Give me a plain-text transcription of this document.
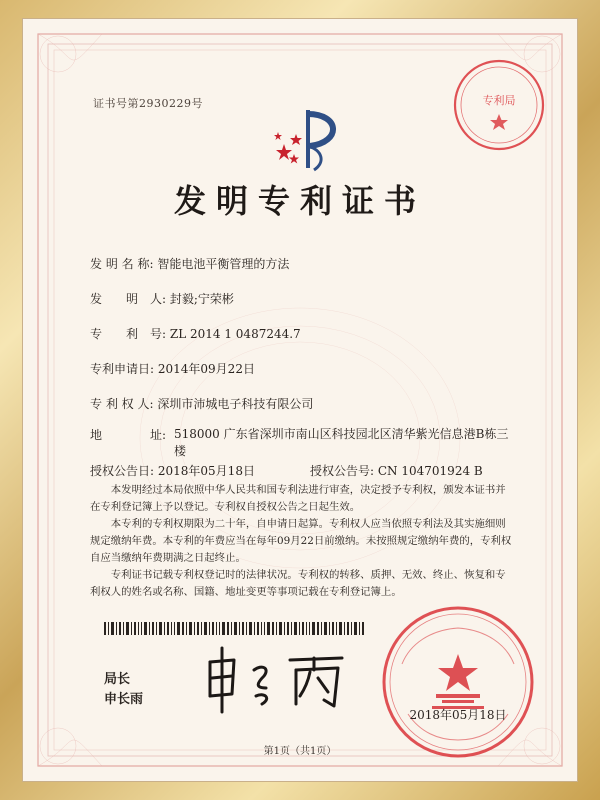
证书号第2930229号	专利局
发明专利证书
发 明 名 称: 智能电池平衡管理的方法
发　　明　人: 封毅;宁荣彬
专　　利　号: ZL 2014 1 0487244.7
专利申请日: 2014年09月22日
专 利 权 人: 深圳市沛城电子科技有限公司
地　　　　址: 518000 广东省深圳市南山区科技园北区清华紫光信息港B栋三楼
授权公告日: 2018年05月18日	授权公告号: CN 104701924 B

本发明经过本局依照中华人民共和国专利法进行审查，决定授予专利权，颁发本证书并在专利登记簿上予以登记。专利权自授权公告之日起生效。

本专利的专利权期限为二十年，自申请日起算。专利权人应当依照专利法及其实施细则规定缴纳年费。本专利的年费应当在每年09月22日前缴纳。未按照规定缴纳年费的，专利权自应当缴纳年费期满之日起终止。

专利证书记载专利权登记时的法律状况。专利权的转移、质押、无效、终止、恢复和专利权人的姓名或名称、国籍、地址变更等事项记载在专利登记簿上。

局长
申长雨
2018年05月18日
第1页（共1页）
